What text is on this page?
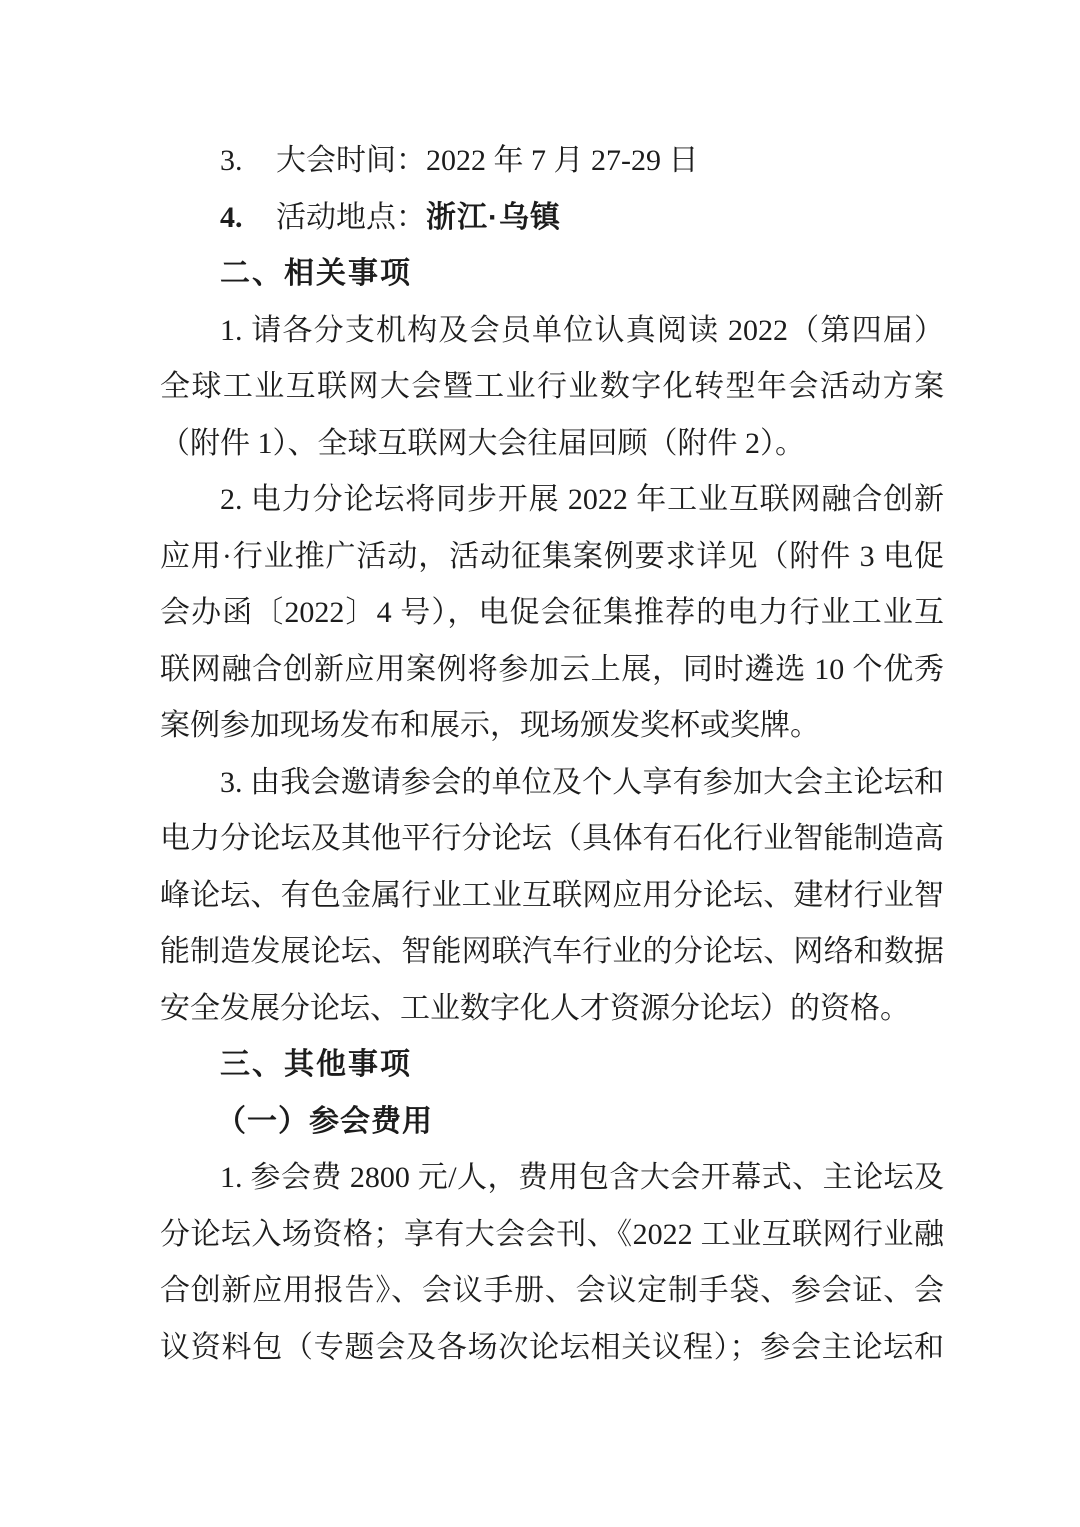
3. 大会时间：2022 年 7 月 27-29 日

4. 活动地点：浙江·乌镇

二、相关事项

1. 请各分支机构及会员单位认真阅读 2022（第四届）全球工业互联网大会暨工业行业数字化转型年会活动方案（附件 1）、全球互联网大会往届回顾（附件 2）。

2. 电力分论坛将同步开展 2022 年工业互联网融合创新应用·行业推广活动，活动征集案例要求详见（附件 3 电促会办函〔2022〕4 号），电促会征集推荐的电力行业工业互联网融合创新应用案例将参加云上展，同时遴选 10 个优秀案例参加现场发布和展示，现场颁发奖杯或奖牌。

3. 由我会邀请参会的单位及个人享有参加大会主论坛和电力分论坛及其他平行分论坛（具体有石化行业智能制造高峰论坛、有色金属行业工业互联网应用分论坛、建材行业智能制造发展论坛、智能网联汽车行业的分论坛、网络和数据安全发展分论坛、工业数字化人才资源分论坛）的资格。

三、其他事项

（一）参会费用

1. 参会费 2800 元/人，费用包含大会开幕式、主论坛及分论坛入场资格；享有大会会刊、《2022 工业互联网行业融合创新应用报告》、会议手册、会议定制手袋、参会证、会议资料包（专题会及各场次论坛相关议程）；参会主论坛和
